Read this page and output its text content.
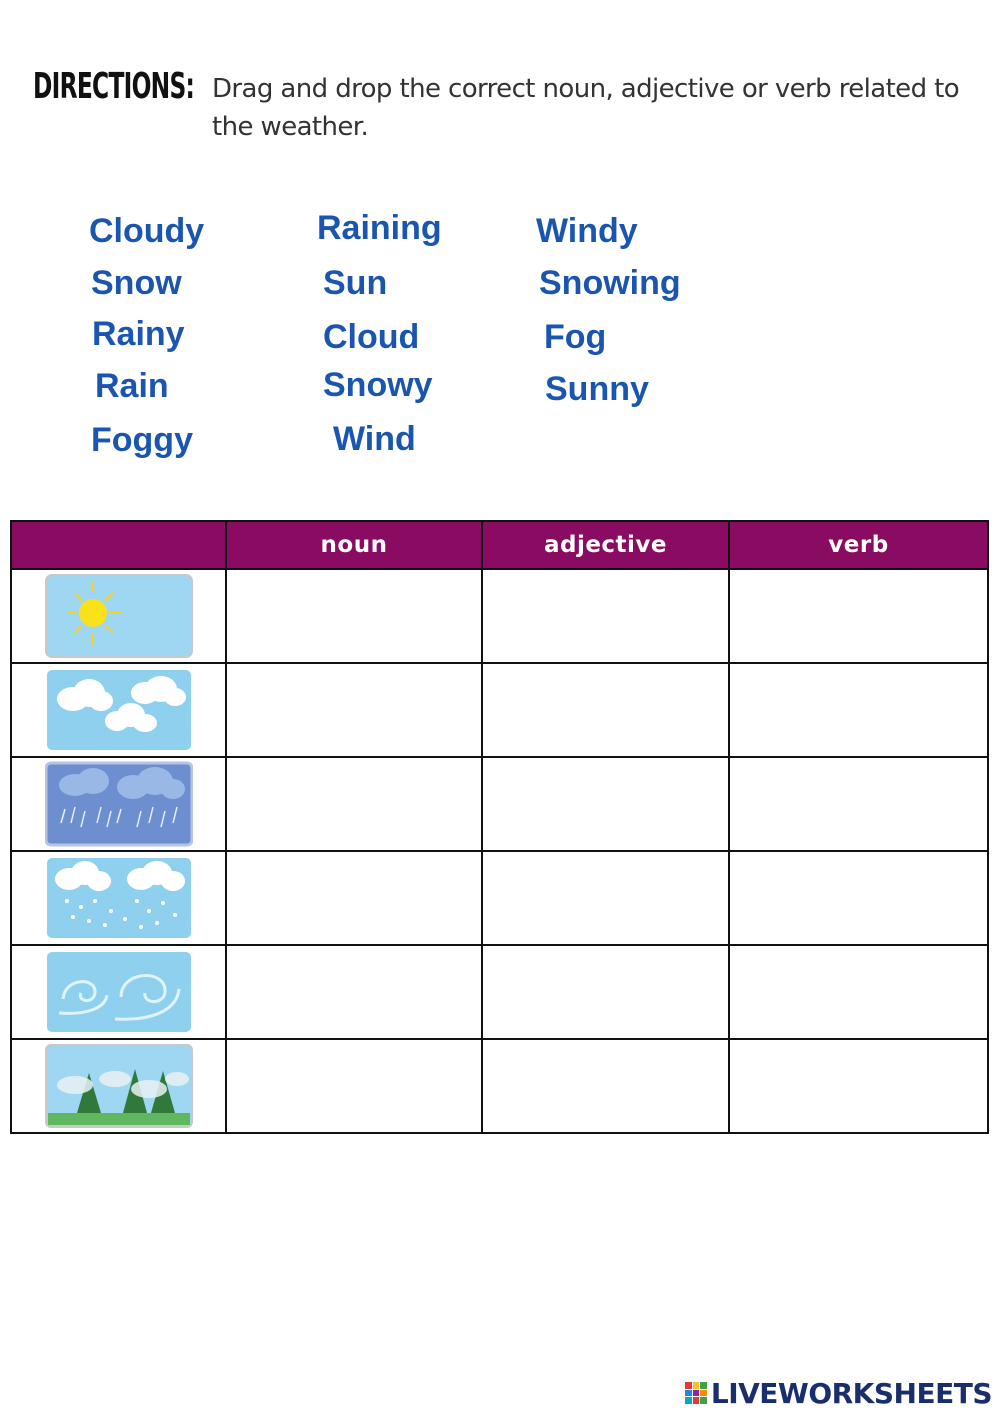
DIRECTIONS: Drag and drop the correct noun, adjective or verb related to the weather.
Cloudy	Raining	Windy
Snow	Sun	Snowing
Rainy	Cloud	Fog
Rain	Snowy	Sunny
Foggy	Wind
	noun	adjective	verb

LIVEWORKSHEETS
